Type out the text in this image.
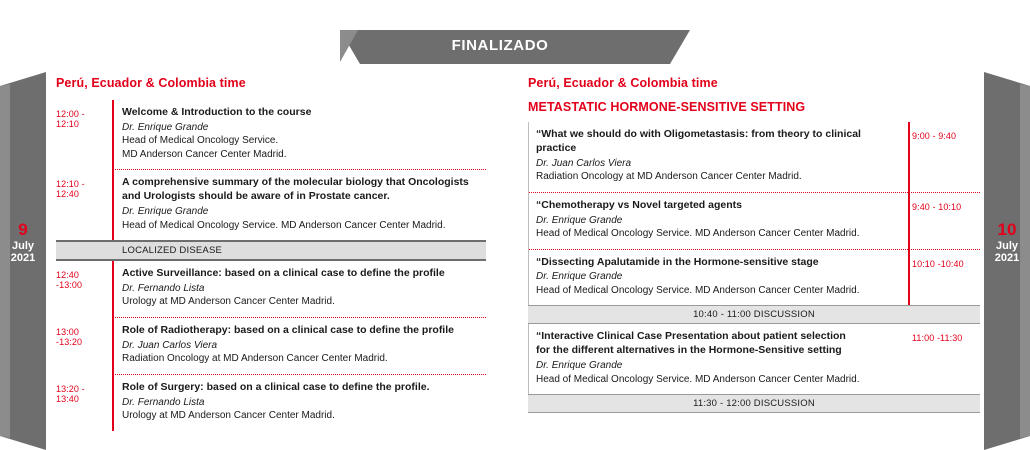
FINALIZADO
9
July
2021
10
July
2021
Perú, Ecuador & Colombia time
12:00 - 12:10
Welcome & Introduction to the course
Dr. Enrique Grande
Head of Medical Oncology Service.
MD Anderson Cancer Center Madrid.
12:10 - 12:40
A comprehensive summary of the molecular biology that Oncologists
and Urologists should be aware of in Prostate cancer.
Dr. Enrique Grande
Head of Medical Oncology Service. MD Anderson Cancer Center Madrid.
LOCALIZED DISEASE
12:40 -13:00
Active Surveillance: based on a clinical case to define the profile
Dr. Fernando Lista
Urology at MD Anderson Cancer Center Madrid.
13:00 -13:20
Role of Radiotherapy: based on a clinical case to define the profile
Dr. Juan Carlos Viera
Radiation Oncology at MD Anderson Cancer Center Madrid.
13:20 - 13:40
Role of Surgery: based on a clinical case to define the profile.
Dr. Fernando Lista
Urology at MD Anderson Cancer Center Madrid.
Perú, Ecuador & Colombia time
METASTATIC HORMONE-SENSITIVE SETTING
“What we should do with Oligometastasis: from theory to clinical practice
Dr. Juan Carlos Viera
Radiation Oncology at MD Anderson Cancer Center Madrid.
9:00 - 9:40
“Chemotherapy vs Novel targeted agents
Dr. Enrique Grande
Head of Medical Oncology Service. MD Anderson Cancer Center Madrid.
9:40 - 10:10
“Dissecting Apalutamide in the Hormone-sensitive stage
Dr. Enrique Grande
Head of Medical Oncology Service. MD Anderson Cancer Center Madrid.
10:10 -10:40
10:40 - 11:00 DISCUSSION
“Interactive Clinical Case Presentation about patient selection
for the different alternatives in the Hormone-Sensitive setting
Dr. Enrique Grande
Head of Medical Oncology Service. MD Anderson Cancer Center Madrid.
11:00 -11:30
11:30 - 12:00 DISCUSSION
